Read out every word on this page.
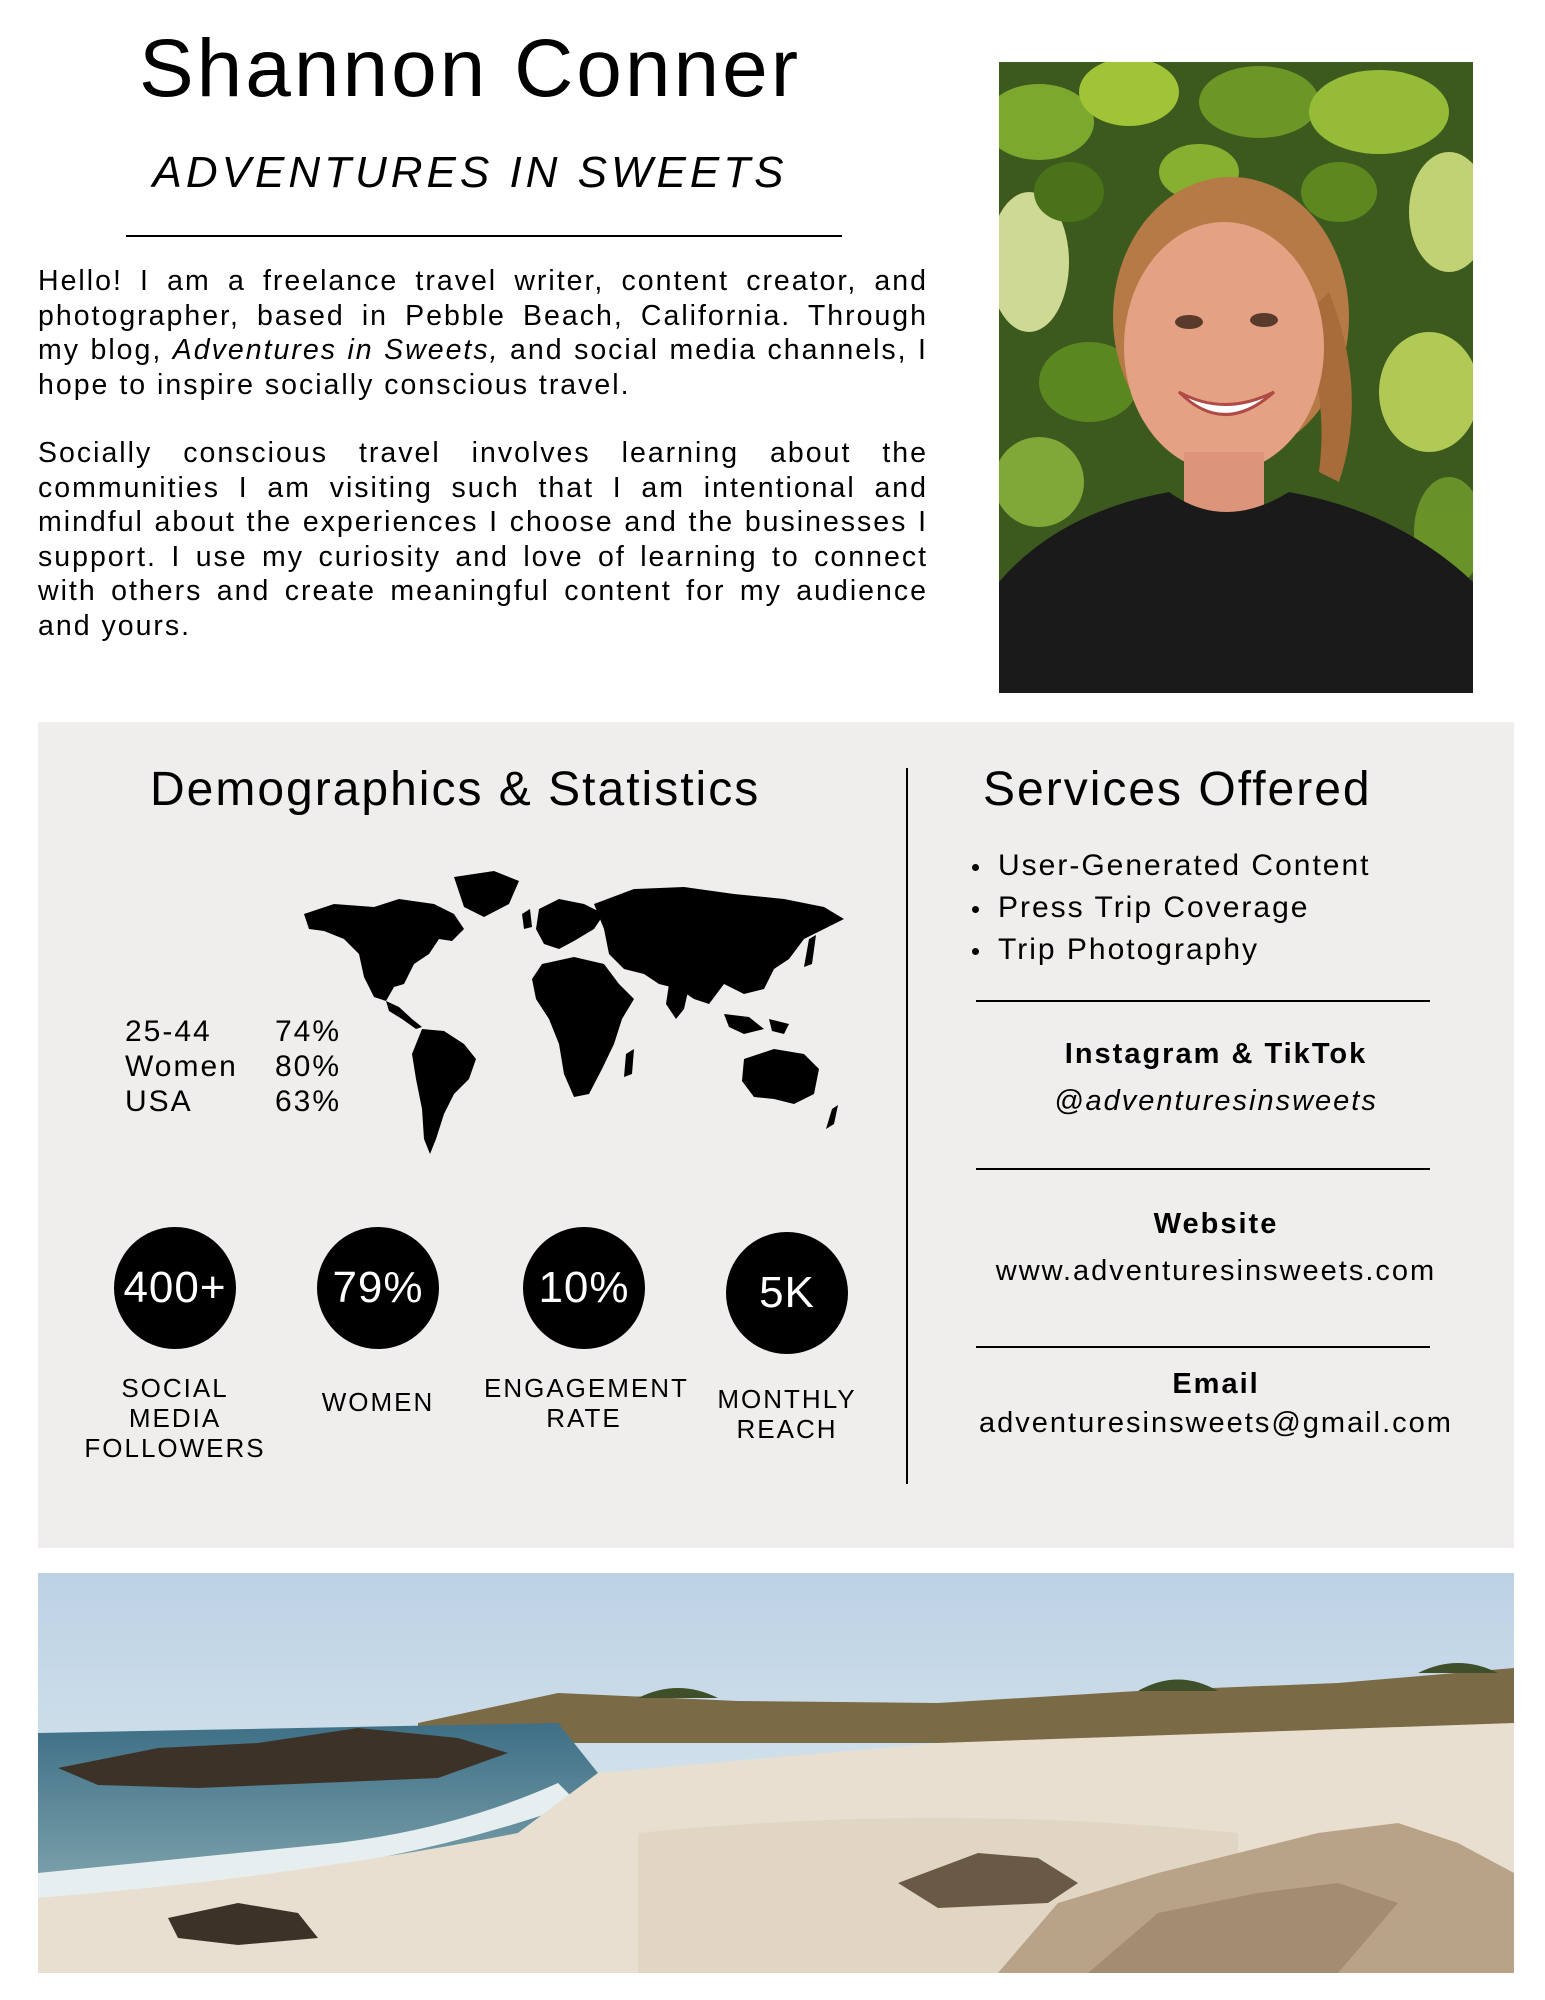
Shannon Conner
ADVENTURES IN SWEETS

Hello! I am a freelance travel writer, content creator, and photographer, based in Pebble Beach, California. Through my blog, Adventures in Sweets, and social media channels, I hope to inspire socially conscious travel.

Socially conscious travel involves learning about the communities I am visiting such that I am intentional and mindful about the experiences I choose and the businesses I support. I use my curiosity and love of learning to connect with others and create meaningful content for my audience and yours.

Demographics & Statistics
25-44	74%
Women	80%
USA	63%
400+
SOCIAL
MEDIA
FOLLOWERS
79%
WOMEN
10%
ENGAGEMENT
RATE
5K
MONTHLY
REACH
Services Offered
User-Generated Content
Press Trip Coverage
Trip Photography
Instagram & TikTok
@adventuresinsweets
Website
www.adventuresinsweets.com
Email
adventuresinsweets@gmail.com
